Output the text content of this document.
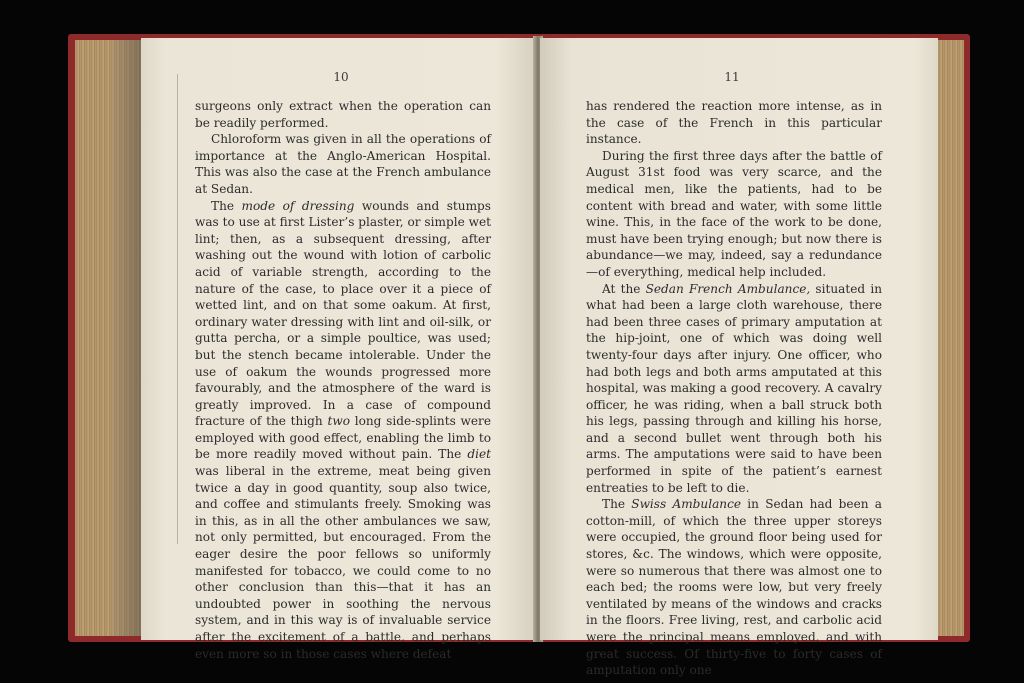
10

surgeons only extract when the operation can be readily performed.

Chloroform was given in all the operations of importance at the Anglo-American Hospital. This was also the case at the French ambulance at Sedan.

The mode of dressing wounds and stumps was to use at first Lister’s plaster, or simple wet lint; then, as a subsequent dressing, after washing out the wound with lotion of carbolic acid of variable strength, according to the nature of the case, to place over it a piece of wetted lint, and on that some oakum. At first, ordinary water dressing with lint and oil-silk, or gutta percha, or a simple poultice, was used; but the stench became intolerable. Under the use of oakum the wounds progressed more favourably, and the atmosphere of the ward is greatly improved. In a case of compound fracture of the thigh two long side-splints were employed with good effect, enabling the limb to be more readily moved without pain. The diet was liberal in the extreme, meat being given twice a day in good quantity, soup also twice, and coffee and stimulants freely. Smoking was in this, as in all the other ambulances we saw, not only permitted, but encouraged. From the eager desire the poor fellows so uniformly manifested for tobacco, we could come to no other conclusion than this—that it has an undoubted power in soothing the nervous system, and in this way is of invaluable service after the excitement of a battle, and perhaps even more so in those cases where defeat

11

has rendered the reaction more intense, as in the case of the French in this particular instance.

During the first three days after the battle of August 31st food was very scarce, and the medical men, like the patients, had to be content with bread and water, with some little wine. This, in the face of the work to be done, must have been trying enough; but now there is abundance—we may, indeed, say a redundance—of everything, medical help included.

At the Sedan French Ambulance, situated in what had been a large cloth warehouse, there had been three cases of primary amputation at the hip-joint, one of which was doing well twenty-four days after injury. One officer, who had both legs and both arms amputated at this hospital, was making a good recovery. A cavalry officer, he was riding, when a ball struck both his legs, passing through and killing his horse, and a second bullet went through both his arms. The amputations were said to have been performed in spite of the patient’s earnest entreaties to be left to die.

The Swiss Ambulance in Sedan had been a cotton-mill, of which the three upper storeys were occupied, the ground floor being used for stores, &c. The windows, which were opposite, were so numerous that there was almost one to each bed; the rooms were low, but very freely ventilated by means of the windows and cracks in the floors. Free living, rest, and carbolic acid were the principal means employed, and with great success. Of thirty-five to forty cases of amputation only one
